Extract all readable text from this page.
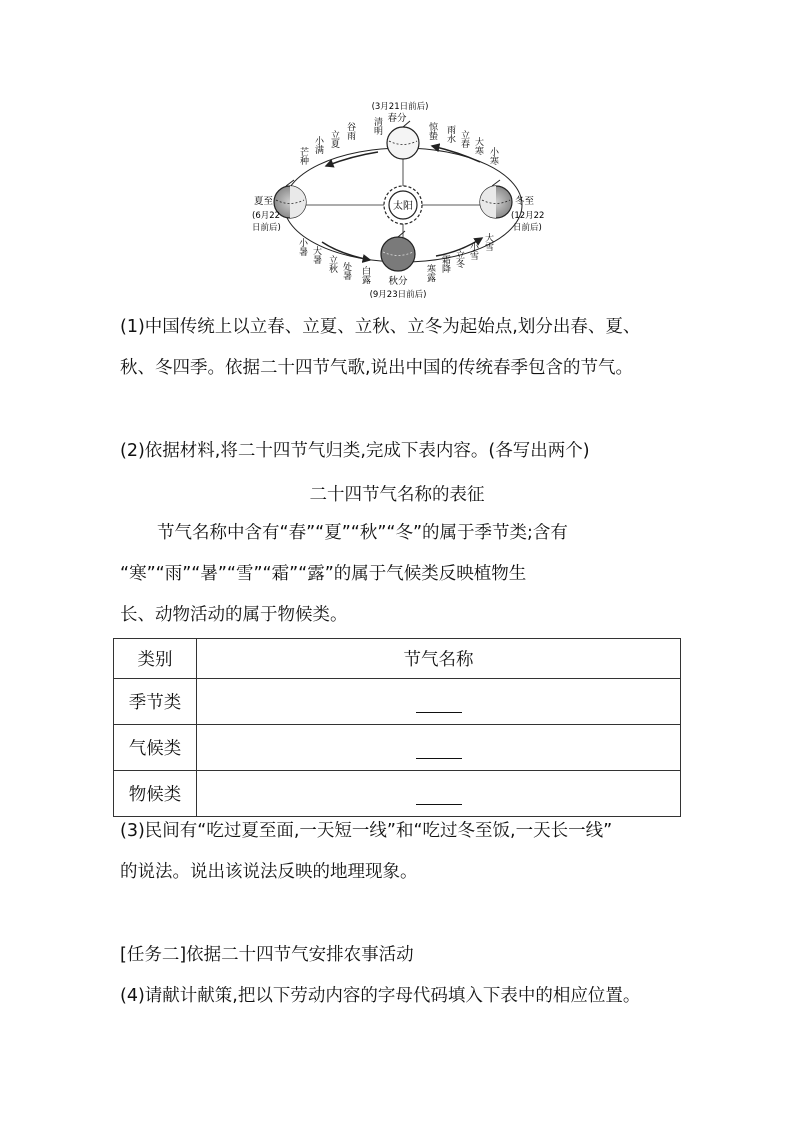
太阳
(3月21日前后)
春分
夏至
(6月22
日前后)
冬至
(12月22
日前后)
秋分
(9月23日前后)
清明
谷雨
立夏
小满
芒种
惊蛰 雨水 立春 大寒
小寒
小暑 大暑 立秋 处暑 白露	寒露 霜降 立冬 小雪 大雪
(1)中国传统上以立春、立夏、立秋、立冬为起始点,划分出春、夏、
秋、冬四季。依据二十四节气歌,说出中国的传统春季包含的节气。
(2)依据材料,将二十四节气归类,完成下表内容。(各写出两个)
二十四节气名称的表征
节气名称中含有“春”“夏”“秋”“冬”的属于季节类;含有
“寒”“雨”“暑”“雪”“霜”“露”的属于气候类反映植物生
长、动物活动的属于物候类。
类别	节气名称
季节类	
气候类	
物候类	
(3)民间有“吃过夏至面,一天短一线”和“吃过冬至饭,一天长一线”
的说法。说出该说法反映的地理现象。
[任务二]依据二十四节气安排农事活动
(4)请献计献策,把以下劳动内容的字母代码填入下表中的相应位置。
